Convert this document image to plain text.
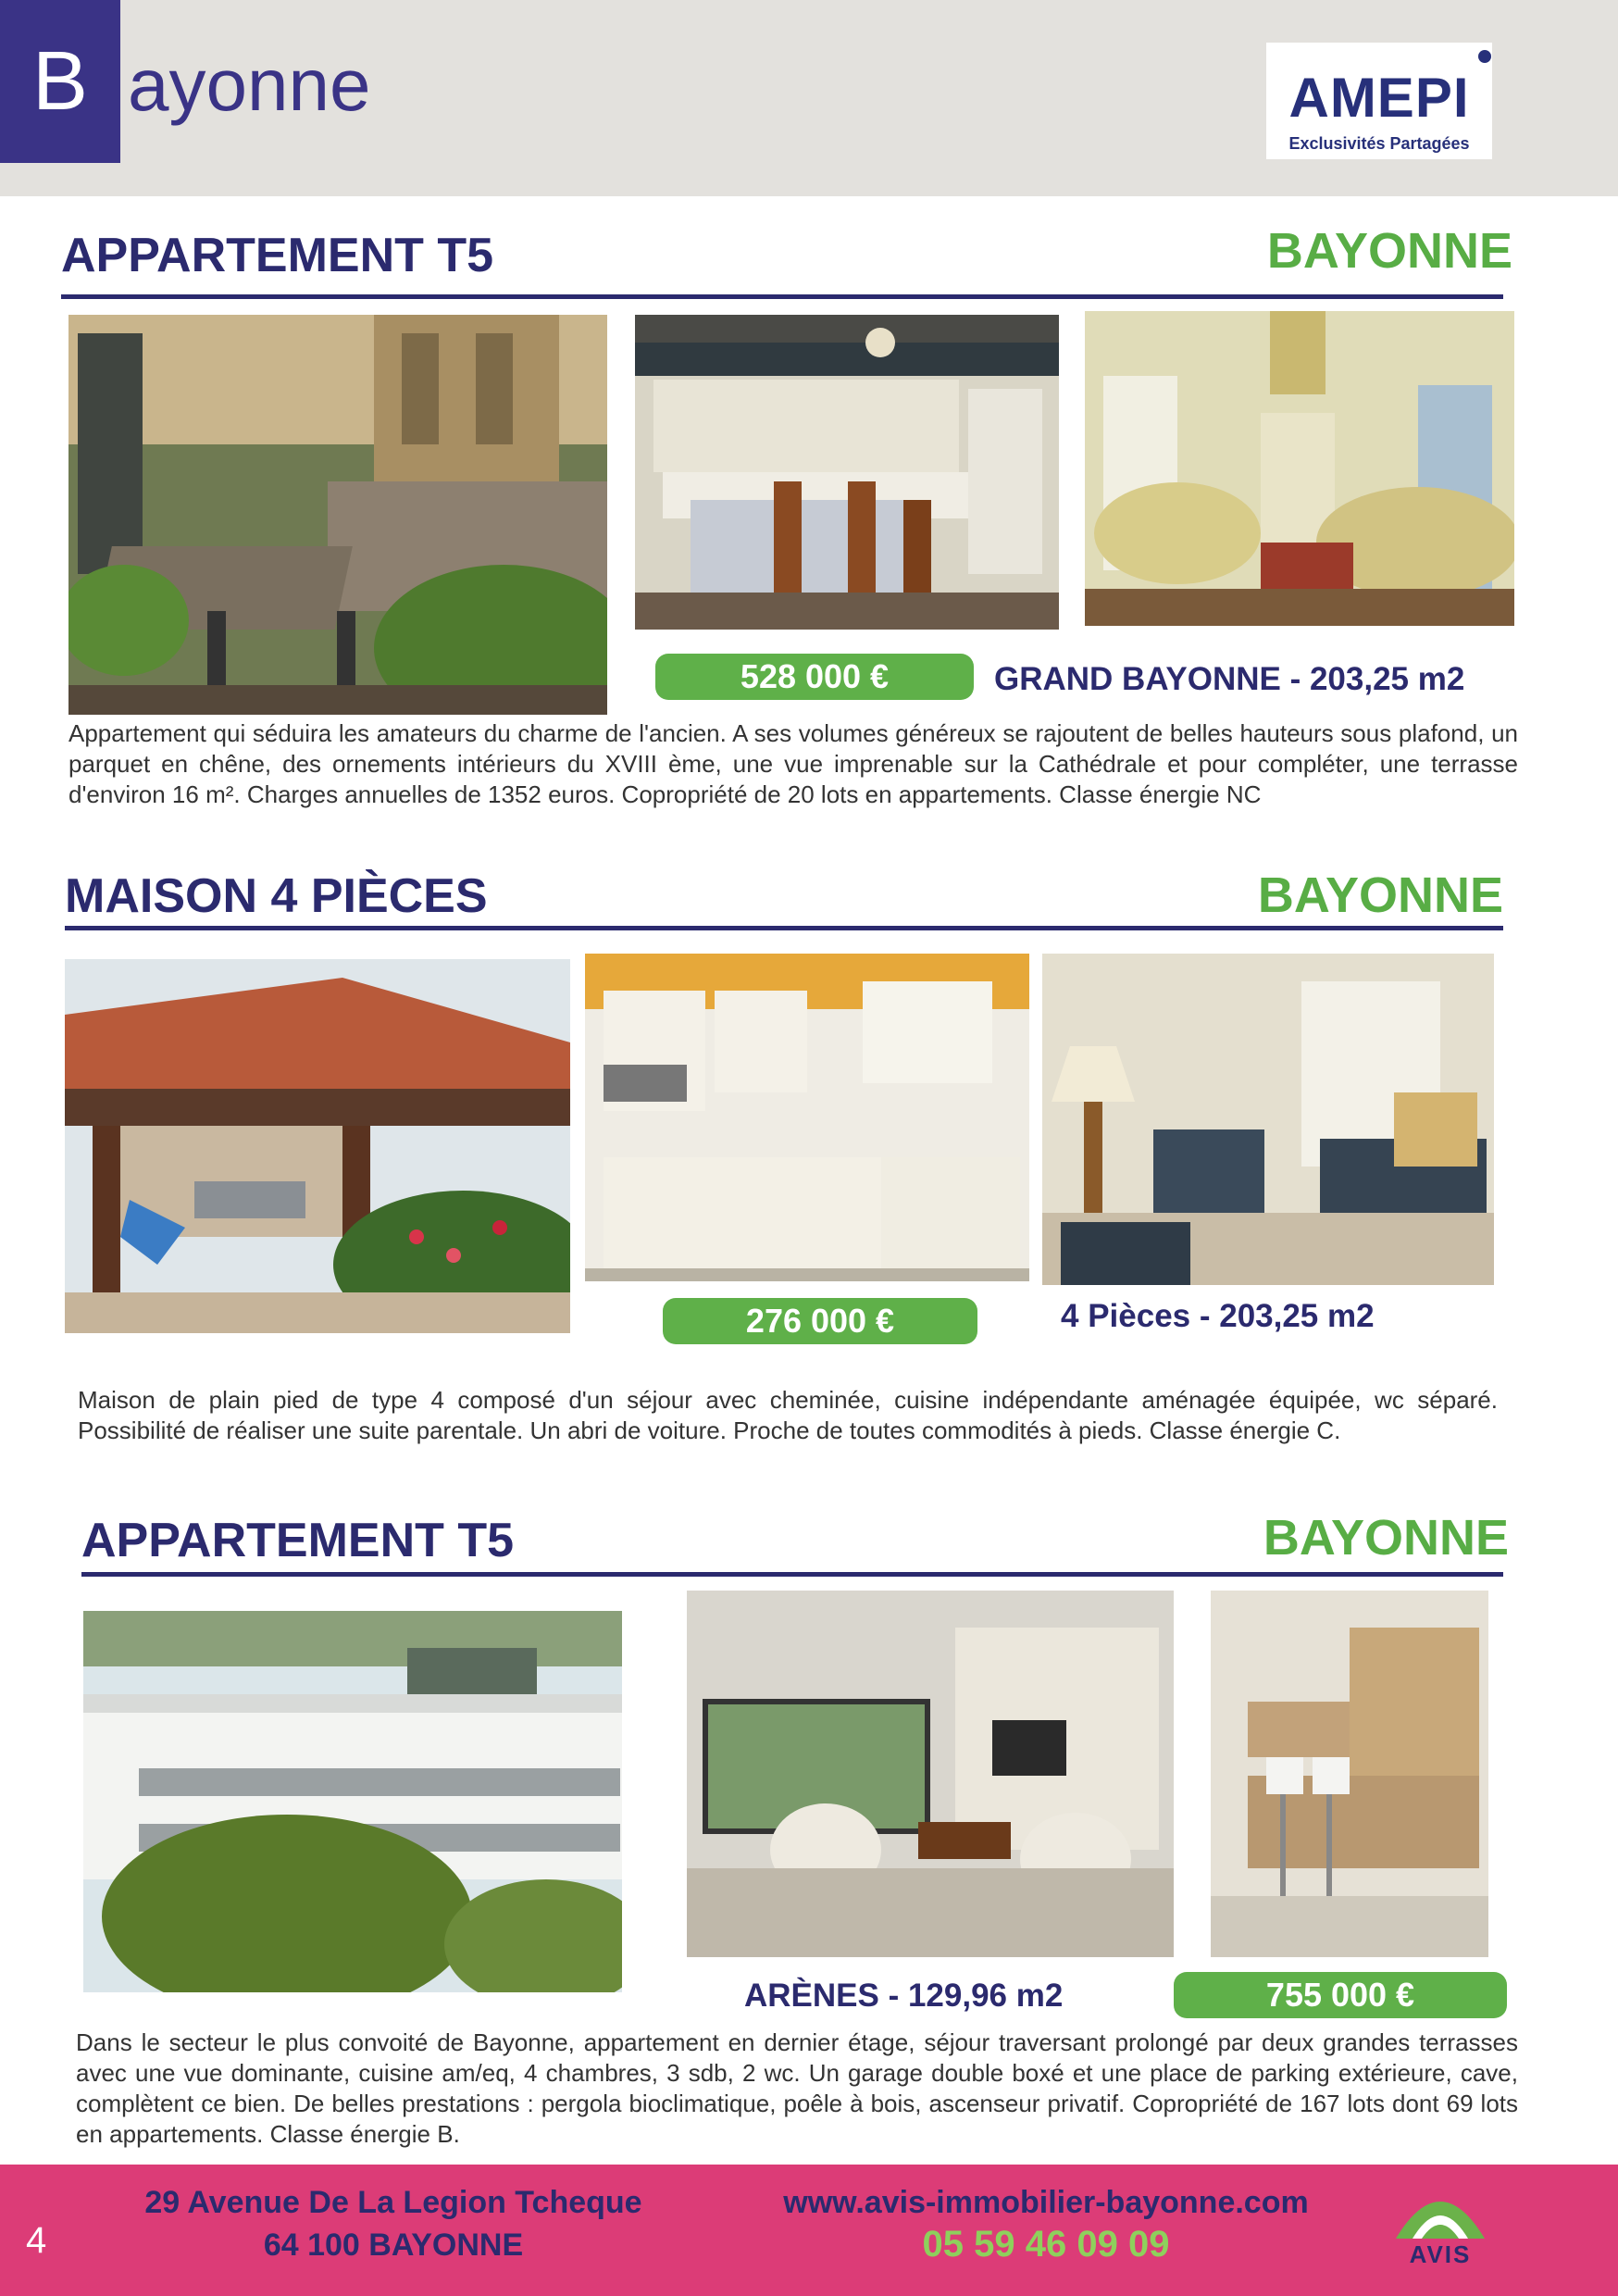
B ayonne	AMEPI
Exclusivités Partagées
APPARTEMENT T5	BAYONNE
528 000 €	GRAND BAYONNE - 203,25 m2
Appartement qui séduira les amateurs du charme de l'ancien. A ses volumes généreux se rajoutent de belles hauteurs sous plafond, un parquet en chêne, des ornements intérieurs du XVIII ème, une vue imprenable sur la Cathédrale et pour compléter, une terrasse d'environ 16 m². Charges annuelles de 1352 euros. Copropriété de 20 lots en appartements. Classe énergie NC
MAISON 4 PIÈCES	BAYONNE
276 000 €	4 Pièces - 203,25 m2
Maison de plain pied de type 4 composé d'un séjour avec cheminée, cuisine indépendante aménagée équipée, wc séparé. Possibilité de réaliser une suite parentale. Un abri de voiture. Proche de toutes commodités à pieds. Classe énergie C.
APPARTEMENT T5	BAYONNE
ARÈNES - 129,96 m2	755 000 €
Dans le secteur le plus convoité de Bayonne, appartement en dernier étage, séjour traversant prolongé par deux grandes terrasses avec une vue dominante, cuisine am/eq, 4 chambres, 3 sdb, 2 wc. Un garage double boxé et une place de parking extérieure, cave, complètent ce bien. De belles prestations : pergola bioclimatique, poêle à bois, ascenseur privatif. Copropriété de 167 lots dont 69 lots en appartements. Classe énergie B.
4
29 Avenue De La Legion Tcheque
64 100 BAYONNE
www.avis-immobilier-bayonne.com
05 59 46 09 09	AVIS
